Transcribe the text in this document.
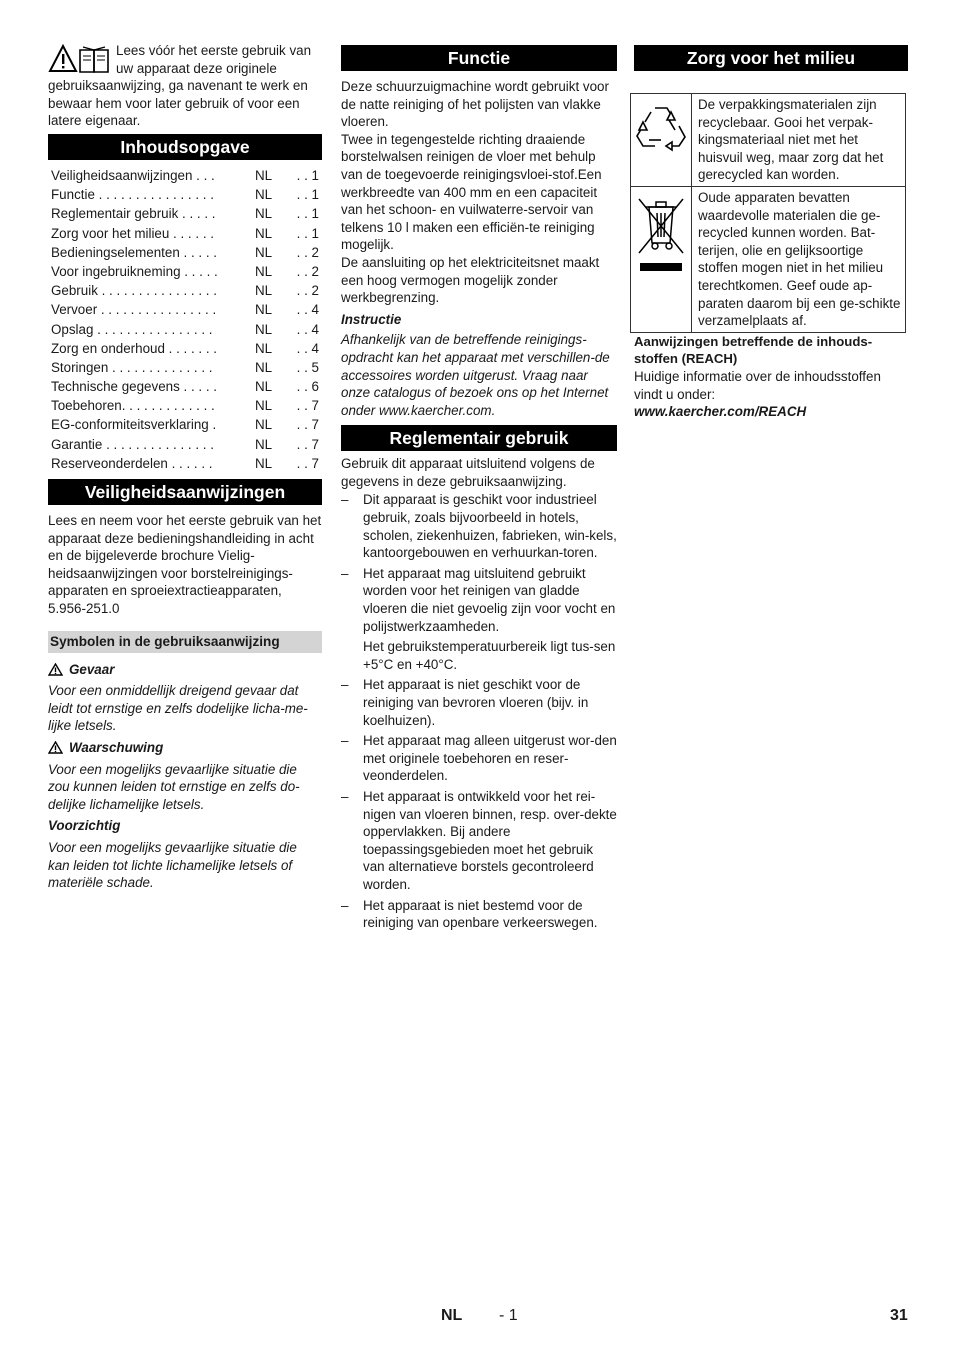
Lees vóór het eerste gebruik van uw apparaat deze originele gebruiksaanwijzing, ga navenant te werk en bewaar hem voor later gebruik of voor een latere eigenaar.

Inhoudsopgave
Veiligheidsaanwijzingen . . .	NL	. . 1
Functie . . . . . . . . . . . . . . . .	NL	. . 1
Reglementair gebruik . . . . .	NL	. . 1
Zorg voor het milieu . . . . . .	NL	. . 1
Bedieningselementen . . . . .	NL	. . 2
Voor ingebruikneming . . . . .	NL	. . 2
Gebruik . . . . . . . . . . . . . . . .	NL	. . 2
Vervoer . . . . . . . . . . . . . . . .	NL	. . 4
Opslag . . . . . . . . . . . . . . . .	NL	. . 4
Zorg en onderhoud . . . . . . .	NL	. . 4
Storingen . . . . . . . . . . . . . .	NL	. . 5
Technische gegevens . . . . .	NL	. . 6
Toebehoren. . . . . . . . . . . . .	NL	. . 7
EG-conformiteitsverklaring .	NL	. . 7
Garantie . . . . . . . . . . . . . . .	NL	. . 7
Reserveonderdelen . . . . . .	NL	. . 7
Veiligheidsaanwijzingen

Lees en neem voor het eerste gebruik van het apparaat deze bedieningshandleiding in acht en de bijgeleverde brochure Vielig-heidsaanwijzingen voor borstelreinigings-apparaten en sproeiextractieapparaten, 5.956-251.0

Symbolen in de gebruiksaanwijzing
Gevaar

Voor een onmiddellijk dreigend gevaar dat leidt tot ernstige en zelfs dodelijke licha-me-lijke letsels.

Waarschuwing

Voor een mogelijks gevaarlijke situatie die zou kunnen leiden tot ernstige en zelfs do-delijke lichamelijke letsels.

Voorzichtig

Voor een mogelijks gevaarlijke situatie die kan leiden tot lichte lichamelijke letsels of materiële schade.

Functie

Deze schuurzuigmachine wordt gebruikt voor de natte reiniging of het polijsten van vlakke vloeren.

Twee in tegengestelde richting draaiende borstelwalsen reinigen de vloer met behulp van de toegevoerde reinigingsvloei-stof.Een werkbreedte van 400 mm en een capaciteit van het schoon- en vuilwaterre-servoir van telkens 10 l maken een efficiën-te reiniging mogelijk.

De aansluiting op het elektriciteitsnet maakt een hoog vermogen mogelijk zonder werkbegrenzing.

Instructie

Afhankelijk van de betreffende reinigings-opdracht kan het apparaat met verschillen-de accessoires worden uitgerust. Vraag naar onze catalogus of bezoek ons op het Internet onder www.kaercher.com.

Reglementair gebruik

Gebruik dit apparaat uitsluitend volgens de gegevens in deze gebruiksaanwijzing.

– Dit apparaat is geschikt voor industrieel gebruik, zoals bijvoorbeeld in hotels, scholen, ziekenhuizen, fabrieken, win-kels, kantoorgebouwen en verhuurkan-toren.
– Het apparaat mag uitsluitend gebruikt worden voor het reinigen van gladde vloeren die niet gevoelig zijn voor vocht en polijstwerkzaamheden.

Het gebruikstemperatuurbereik ligt tus-sen +5°C en +40°C.

– Het apparaat is niet geschikt voor de reiniging van bevroren vloeren (bijv. in koelhuizen).
– Het apparaat mag alleen uitgerust wor-den met originele toebehoren en reser-veonderdelen.
– Het apparaat is ontwikkeld voor het rei-nigen van vloeren binnen, resp. over-dekte oppervlakken. Bij andere toepassingsgebieden moet het gebruik van alternatieve borstels gecontroleerd worden.
– Het apparaat is niet bestemd voor de reiniging van openbare verkeerswegen.
Zorg voor het milieu
	De verpakkingsmaterialen zijn recyclebaar. Gooi het verpak-kingsmateriaal niet met het huisvuil weg, maar zorg dat het gerecycled kan worden.
	Oude apparaten bevatten waardevolle materialen die ge-recycled kunnen worden. Bat-terijen, olie en gelijksoortige stoffen mogen niet in het milieu terechtkomen. Geef oude ap-paraten daarom bij een ge-schikte verzamelplaats af.

Aanwijzingen betreffende de inhouds-stoffen (REACH)

Huidige informatie over de inhoudsstoffen vindt u onder:

www.kaercher.com/REACH

NL - 1	31
